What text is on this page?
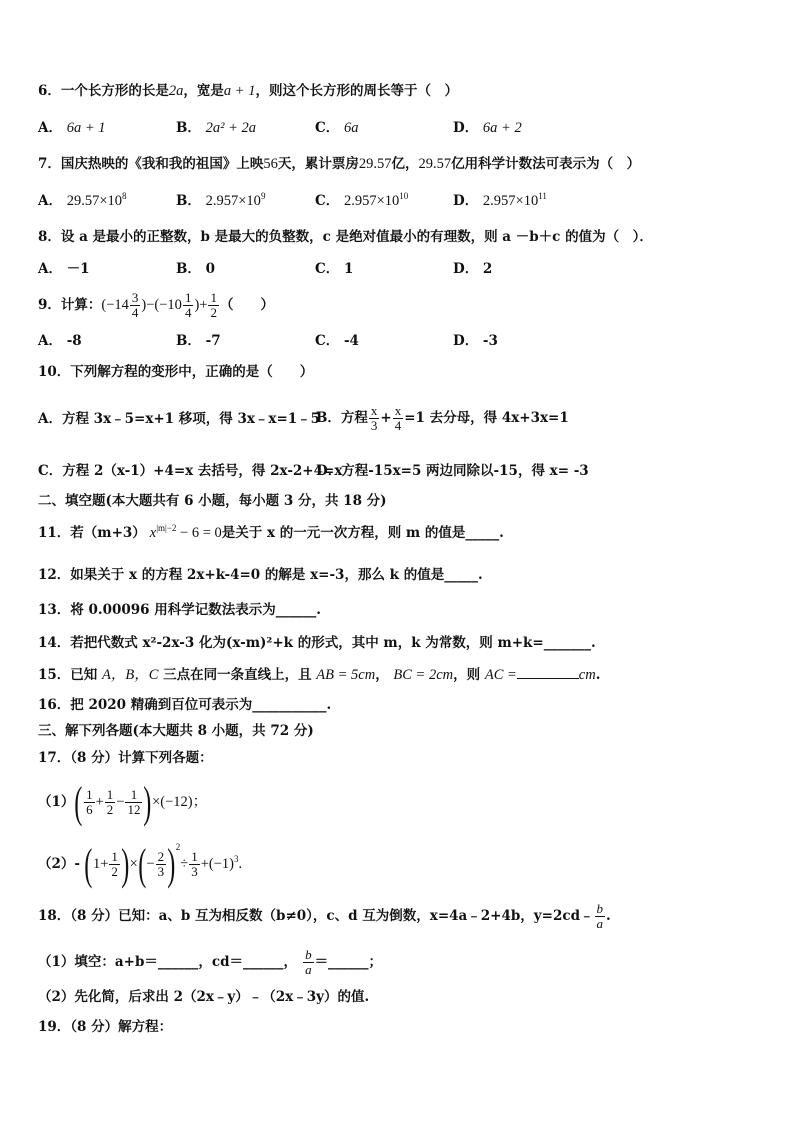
6．一个长方形的长是2a，宽是a + 1，则这个长方形的周长等于（　）
A． 6a + 1	B． 2a² + 2a	C． 6a	D． 6a + 2
7．国庆热映的《我和我的祖国》上映56天，累计票房29.57亿，29.57亿用科学计数法可表示为（　）
A． $29.57\times 10^8$	B． $2.957\times 10^9$	C． $2.957\times 10^{10}$	D． $2.957\times 10^{11}$
8．设 a 是最小的正整数，b 是最大的负整数，c 是绝对值最小的有理数，则 a －b＋c 的值为（　）．
A． －1	B． 0	C． 1	D． 2
9．计算：$(-14 \frac{3}{4} )-(-10 \frac{1}{4}$ )+ $\frac{1}{2}$ （　　）
A． -8	B． -7	C． -4	D． -3
10．下列解方程的变形中，正确的是（　　）
A．方程 3x﹣5=x+1 移项，得 3x﹣x=1﹣5
B．方程 $\frac{x}{3} + \frac{x}{4} =1$ 去分母，得 4x+3x=1
C．方程 2（x-1）+4=x 去括号，得 2x-2+4=x
D．方程-15x=5 两边同除以-15，得 x= -3
二、填空题(本大题共有 6 小题，每小题 3 分，共 18 分)
11．若（m+3） $x^{|m|-2} - 6 = 0$是关于 x 的一元一次方程，则 m 的值是_____.
12．如果关于 x 的方程 2x+k-4=0 的解是 x=-3，那么 k 的值是_____.
13．将 0.00096 用科学记数法表示为______.
14．若把代数式 x²-2x-3 化为(x-m)²+k 的形式，其中 m，k 为常数，则 m+k=_______.
15．已知 A，B，C 三点在同一条直线上，且 AB = 5cm， BC = 2cm，则 AC =	cm.
16．把 2020 精确到百位可表示为___________.
三、解下列各题(本大题共 8 小题，共 72 分)
17．（8 分）计算下列各题：
$(1)( \frac{1}{6} + \frac{1}{2} - \frac{1}{12} )\times(-12)$；
（2）- ($1+ \frac{1}{2}$ )×(− $\frac{2}{3} )^2\div \frac{1}{3} +(-1)^3$.
18．（8 分）已知：a、b 互为相反数（b≠0），c、d 互为倒数，x=4a﹣2+4b，y=2cd﹣ $\frac{b}{a}$ .
（1）填空：a+b＝______，cd＝______， $\frac{b}{a}$ ＝______；
（2）先化简，后求出 2（2x﹣y）﹣（2x﹣3y）的值.
19．（8 分）解方程：
